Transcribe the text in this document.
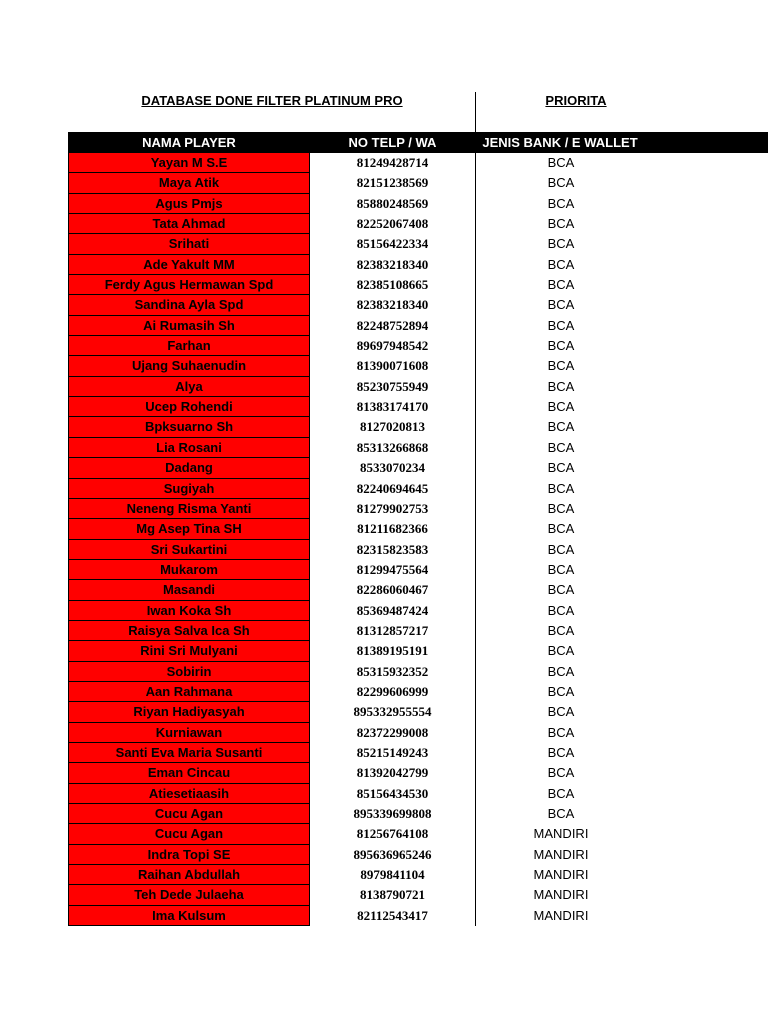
DATABASE DONE FILTER PLATINUM PRO	PRIORITA
NAMA PLAYER	NO TELP / WA	JENIS BANK / E WALLET
Yayan M S.E	81249428714	BCA
Maya Atik	82151238569	BCA
Agus Pmjs	85880248569	BCA
Tata Ahmad	82252067408	BCA
Srihati	85156422334	BCA
Ade Yakult MM	82383218340	BCA
Ferdy Agus Hermawan Spd	82385108665	BCA
Sandina Ayla Spd	82383218340	BCA
Ai Rumasih Sh	82248752894	BCA
Farhan	89697948542	BCA
Ujang Suhaenudin	81390071608	BCA
Alya	85230755949	BCA
Ucep Rohendi	81383174170	BCA
Bpksuarno Sh	8127020813	BCA
Lia Rosani	85313266868	BCA
Dadang	8533070234	BCA
Sugiyah	82240694645	BCA
Neneng Risma Yanti	81279902753	BCA
Mg Asep Tina SH	81211682366	BCA
Sri Sukartini	82315823583	BCA
Mukarom	81299475564	BCA
Masandi	82286060467	BCA
Iwan Koka Sh	85369487424	BCA
Raisya Salva Ica Sh	81312857217	BCA
Rini Sri Mulyani	81389195191	BCA
Sobirin	85315932352	BCA
Aan Rahmana	82299606999	BCA
Riyan Hadiyasyah	895332955554	BCA
Kurniawan	82372299008	BCA
Santi Eva Maria Susanti	85215149243	BCA
Eman Cincau	81392042799	BCA
Atiesetiaasih	85156434530	BCA
Cucu Agan	895339699808	BCA
Cucu Agan	81256764108	MANDIRI
Indra Topi SE	895636965246	MANDIRI
Raihan Abdullah	8979841104	MANDIRI
Teh Dede Julaeha	8138790721	MANDIRI
Ima Kulsum	82112543417	MANDIRI
